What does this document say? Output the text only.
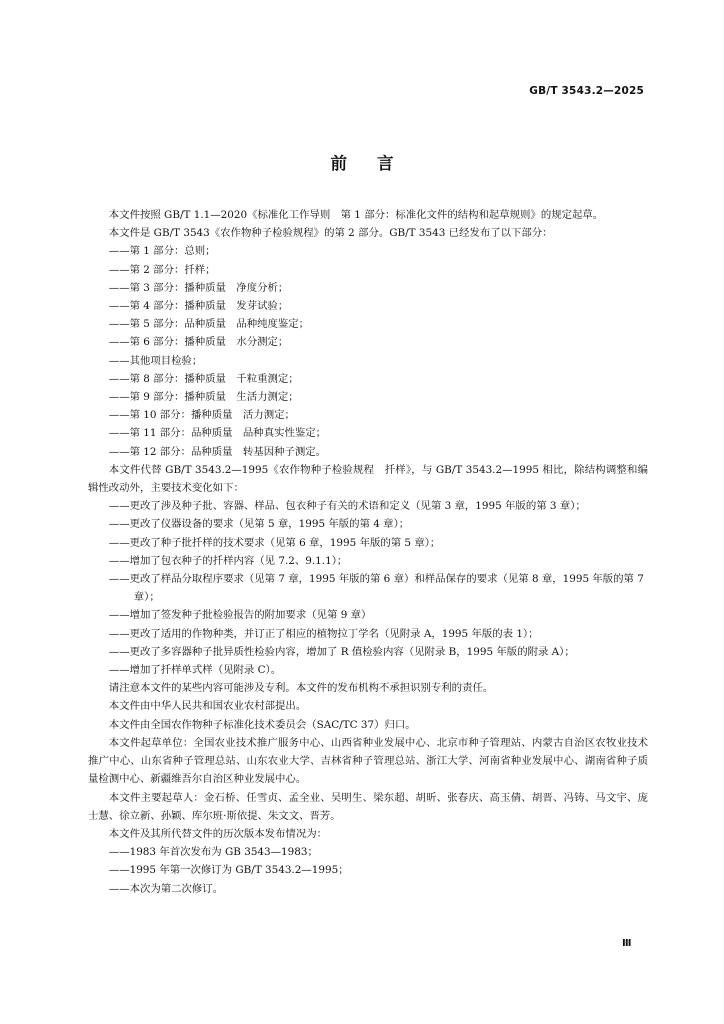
GB/T 3543.2—2025
前言

本文件按照 GB/T 1.1—2020《标准化工作导则　第 1 部分：标准化文件的结构和起草规则》的规定起草。

本文件是 GB/T 3543《农作物种子检验规程》的第 2 部分。GB/T 3543 已经发布了以下部分：

——第 1 部分：总则；

——第 2 部分：扦样；

——第 3 部分：播种质量　净度分析；

——第 4 部分：播种质量　发芽试验；

——第 5 部分：品种质量　品种纯度鉴定；

——第 6 部分：播种质量　水分测定；

——其他项目检验；

——第 8 部分：播种质量　千粒重测定；

——第 9 部分：播种质量　生活力测定；

——第 10 部分：播种质量　活力测定；

——第 11 部分：品种质量　品种真实性鉴定；

——第 12 部分：品种质量　转基因种子测定。

本文件代替 GB/T 3543.2—1995《农作物种子检验规程　扦样》，与 GB/T 3543.2—1995 相比，除结构调整和编辑性改动外，主要技术变化如下：

——更改了涉及种子批、容器、样品、包衣种子有关的术语和定义（见第 3 章，1995 年版的第 3 章）；

——更改了仪器设备的要求（见第 5 章，1995 年版的第 4 章）；

——更改了种子批扦样的技术要求（见第 6 章，1995 年版的第 5 章）；

——增加了包衣种子的扦样内容（见 7.2、9.1.1）；

——更改了样品分取程序要求（见第 7 章，1995 年版的第 6 章）和样品保存的要求（见第 8 章，1995 年版的第 7 章）；

——增加了签发种子批检验报告的附加要求（见第 9 章）

——更改了适用的作物种类，并订正了相应的植物拉丁学名（见附录 A，1995 年版的表 1）；

——更改了多容器种子批异质性检验内容，增加了 R 值检验内容（见附录 B，1995 年版的附录 A）；

——增加了扦样单式样（见附录 C）。

请注意本文件的某些内容可能涉及专利。本文件的发布机构不承担识别专利的责任。

本文件由中华人民共和国农业农村部提出。

本文件由全国农作物种子标准化技术委员会（SAC/TC 37）归口。

本文件起草单位：全国农业技术推广服务中心、山西省种业发展中心、北京市种子管理站、内蒙古自治区农牧业技术推广中心、山东省种子管理总站、山东农业大学、吉林省种子管理总站、浙江大学、河南省种业发展中心、湖南省种子质量检测中心、新疆维吾尔自治区种业发展中心。

本文件主要起草人：金石桥、任雪贞、孟全业、吴明生、梁东超、胡昕、张春庆、高玉倩、胡晋、冯铸、马文宇、庞士慧、徐立新、孙颖、库尔班·斯依提、朱文文、晋芳。

本文件及其所代替文件的历次版本发布情况为：

——1983 年首次发布为 GB 3543—1983；

——1995 年第一次修订为 GB/T 3543.2—1995；

——本次为第二次修订。

Ⅲ
